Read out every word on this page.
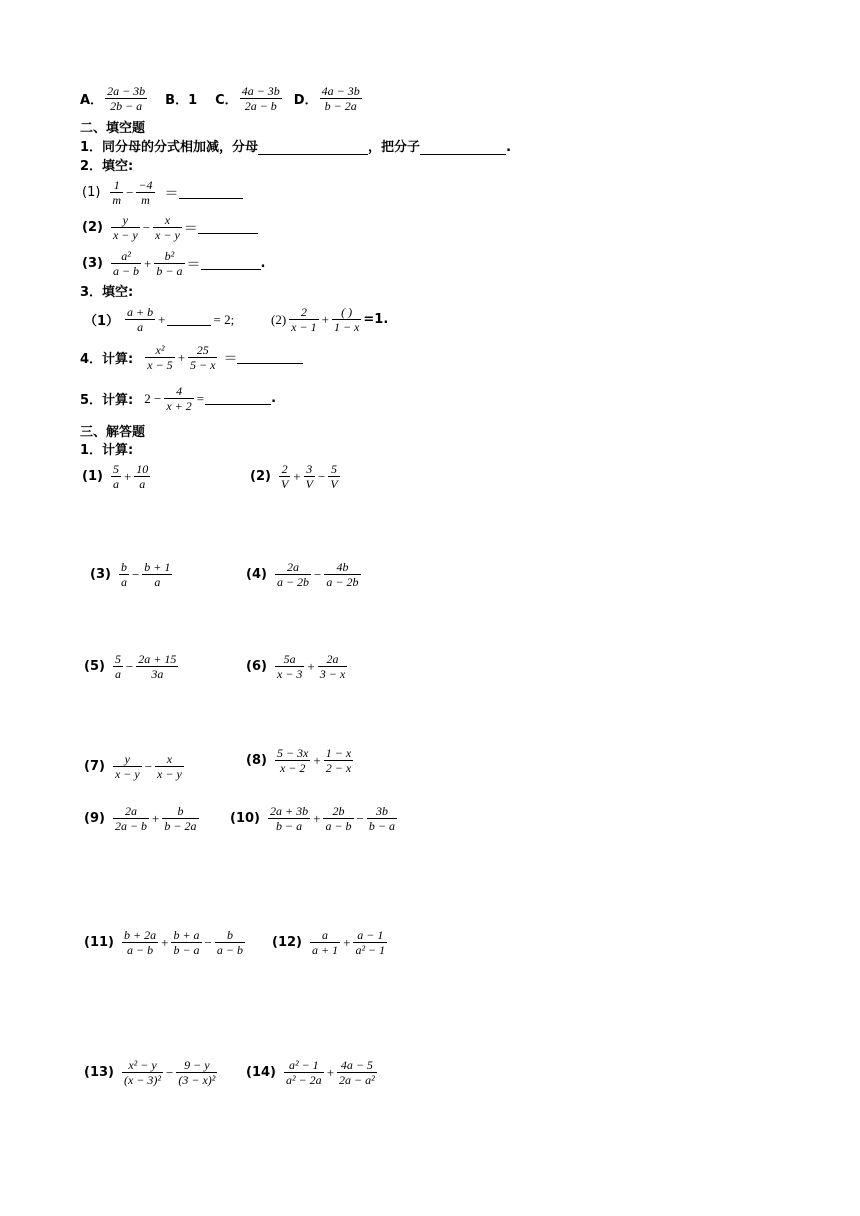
A． $\frac{2a - 3b}{2b - a}$ B．1 C． $\frac{4a - 3b}{2a - b}$ D． $\frac{4a - 3b}{b - 2a}$
二、填空题
1．同分母的分式相加减，分母	，把分子	.
2．填空:
$(1) \frac{1}{m} - \frac{-4}{m}$ ＝
$(2) \frac{y}{x - y} - \frac{x}{x - y}$ ＝
$(3) \frac{\text{a²}}{a - b} + \frac{\text{b²}}{b - a}$ ＝	.
3．填空:
$(1) \frac{a + b}{a}$ +	= 2;	$(2) \frac{2}{x - 1} + \frac{( )}{1 - x} =1$.
4．计算: $\frac{\text{x²}}{x - 5} + \frac{25}{5 - x}$ ＝
5．计算: $2 - \frac{4}{x + 2}$ =	.
三、解答题
1．计算:
$(1) \frac{5}{a} + \frac{10}{a}$	$(2) \frac{2}{V} + \frac{3}{V} - \frac{5}{V}$
$(3) \frac{b}{a} - \frac{b + 1}{a}$	$(4) \frac{2a}{a - 2b} - \frac{4b}{a - 2b}$
$(5) \frac{5}{a} - \frac{2a + 15}{3a}$	$(6) \frac{5a}{x - 3} + \frac{2a}{3 - x}$
$(7) \frac{y}{x - y} - \frac{x}{x - y}$	$(8) \frac{5 - 3x}{x - 2} + \frac{1 - x}{2 - x}$
$(9) \frac{2a}{2a - b} + \frac{b}{b - 2a} (10) \frac{2a + 3b}{b - a} + \frac{2b}{a - b} - \frac{3b}{b - a}$
$(11) \frac{b + 2a}{a - b} + \frac{b + a}{b - a} - \frac{b}{a - b} (12) \frac{a}{a + 1} + \frac{a - 1}{\text{a² − 1}}$
$(13) \frac{\text{x² − y}}{\text{(x − 3)²}} - \frac{9 - y}{\text{(3 − x)²}} (14) \frac{\text{a² − 1}}{\text{a² − 2a}} + \frac{4a - 5}{\text{2a − a²}}$
